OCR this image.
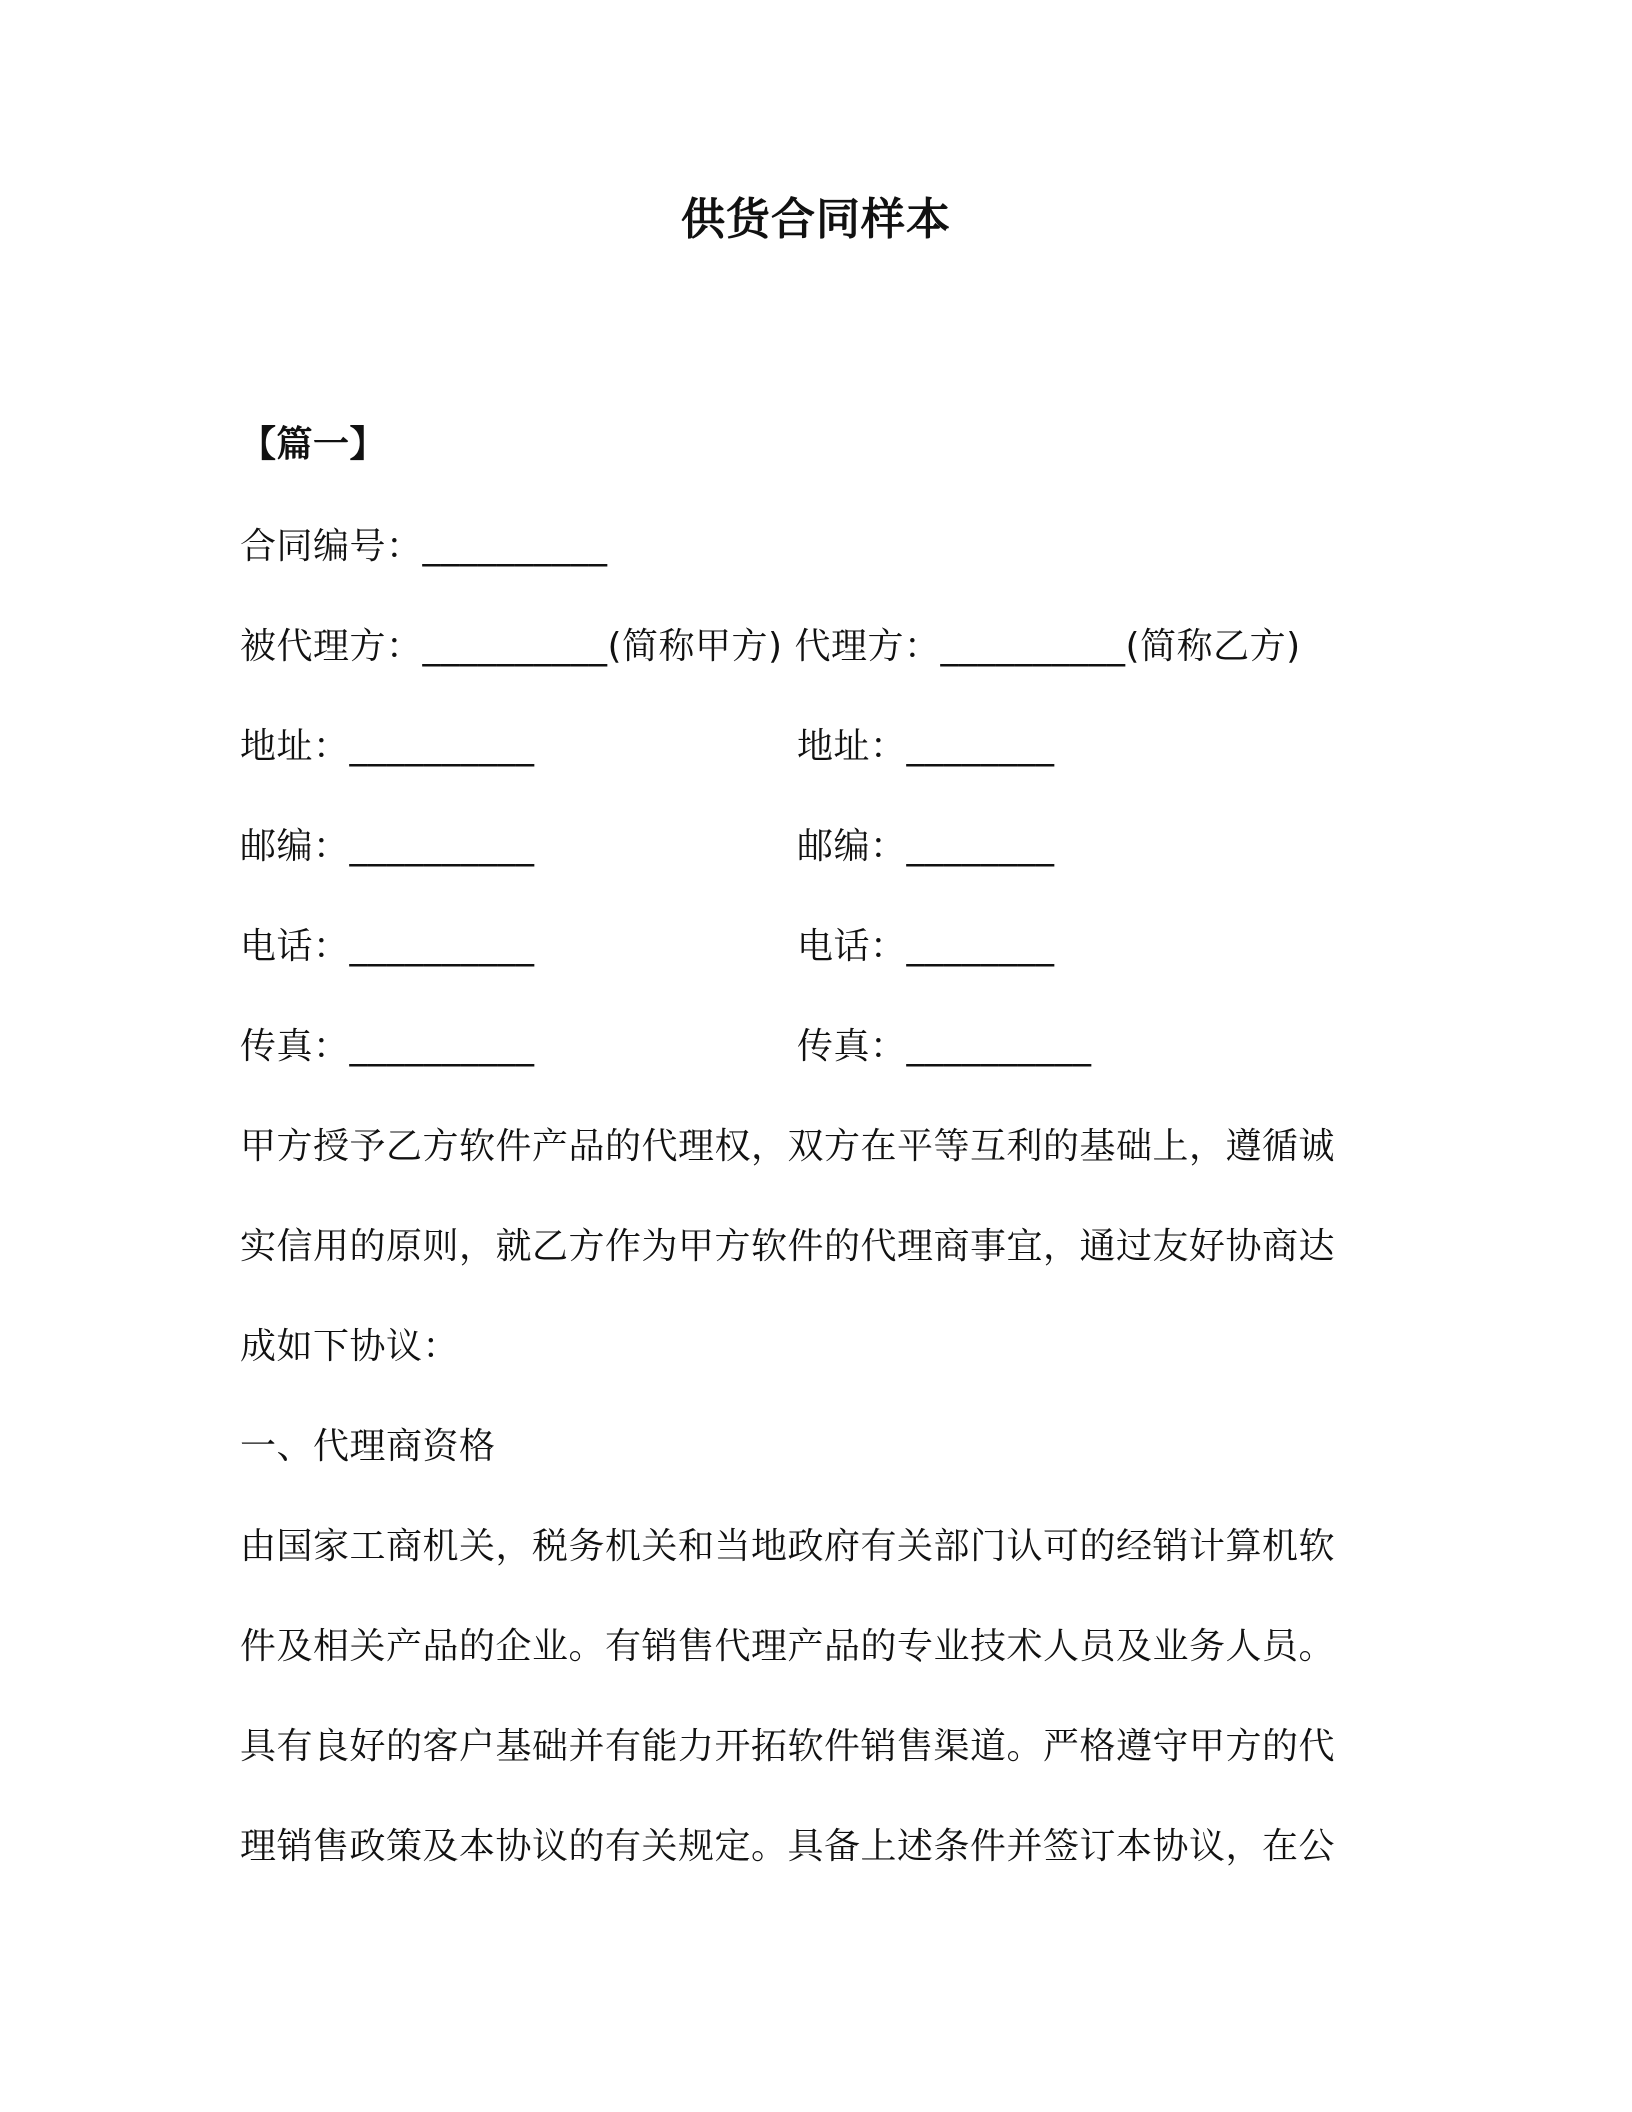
供货合同样本
【篇一】
合同编号：__________
被代理方：__________(简称甲方) 代理方：__________(简称乙方)
地址：__________	地址：________
邮编：__________	邮编：________
电话：__________	电话：________
传真：__________	传真：__________
甲方授予乙方软件产品的代理权，双方在平等互利的基础上，遵循诚
实信用的原则，就乙方作为甲方软件的代理商事宜，通过友好协商达
成如下协议：
一、代理商资格
由国家工商机关，税务机关和当地政府有关部门认可的经销计算机软
件及相关产品的企业。有销售代理产品的专业技术人员及业务人员。
具有良好的客户基础并有能力开拓软件销售渠道。严格遵守甲方的代
理销售政策及本协议的有关规定。具备上述条件并签订本协议，在公
